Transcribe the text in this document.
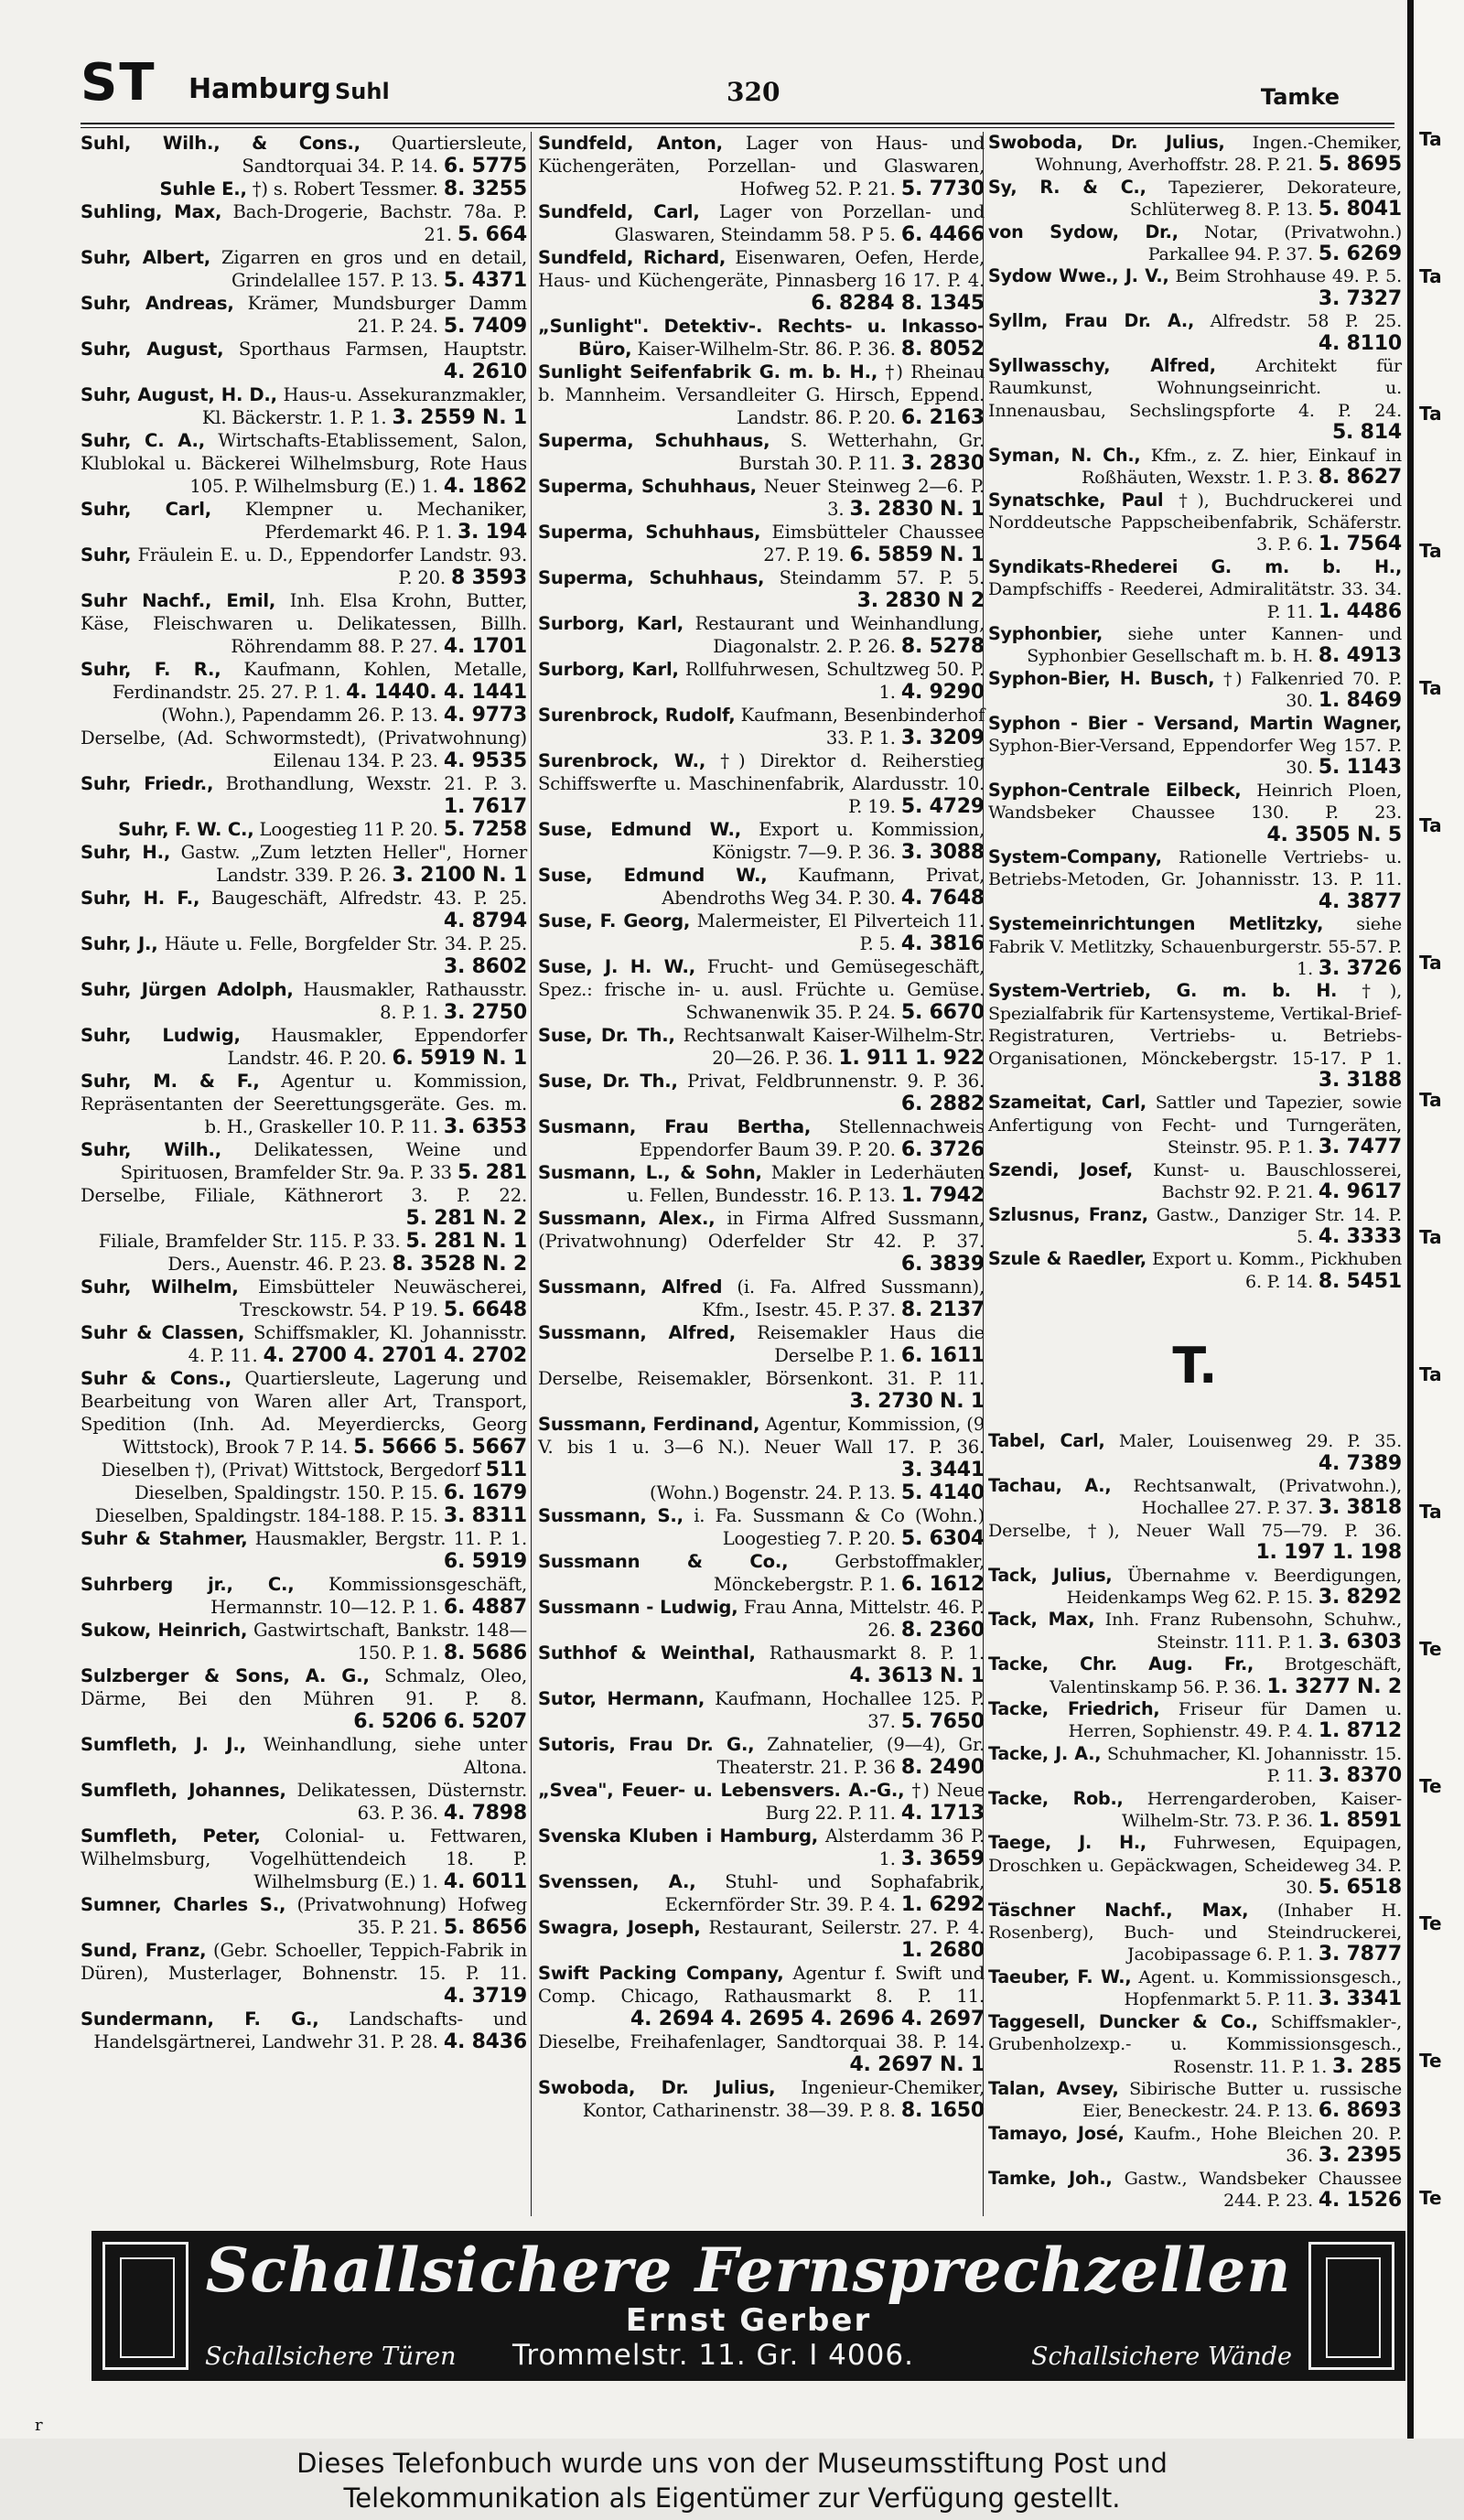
ST Hamburg Suhl	320	Tamke
Suhl, Wilh., & Cons., Quartiersleute, Sandtorquai 34. P. 14. 6. 5775
Suhle E., †) s. Robert Tessmer. 8. 3255
Suhling, Max, Bach-Drogerie, Bachstr. 78a. P. 21. 5. 664
Suhr, Albert, Zigarren en gros und en detail, Grindelallee 157. P. 13. 5. 4371
Suhr, Andreas, Krämer, Mundsburger Damm 21. P. 24. 5. 7409
Suhr, August, Sporthaus Farmsen, Hauptstr. 4. 2610
Suhr, August, H. D., Haus-u. Assekuranzmakler, Kl. Bäckerstr. 1. P. 1. 3. 2559 N. 1
Suhr, C. A., Wirtschafts-Etablissement, Salon, Klublokal u. Bäckerei Wilhelmsburg, Rote Haus 105. P. Wilhelmsburg (E.) 1. 4. 1862
Suhr, Carl, Klempner u. Mechaniker, Pferdemarkt 46. P. 1. 3. 194
Suhr, Fräulein E. u. D., Eppendorfer Landstr. 93. P. 20. 8 3593
Suhr Nachf., Emil, Inh. Elsa Krohn, Butter, Käse, Fleischwaren u. Delikatessen, Billh. Röhrendamm 88. P. 27. 4. 1701
Suhr, F. R., Kaufmann, Kohlen, Metalle, Ferdinandstr. 25. 27. P. 1. 4. 1440. 4. 1441
(Wohn.), Papendamm 26. P. 13. 4. 9773
Derselbe, (Ad. Schwormstedt), (Privatwohnung) Eilenau 134. P. 23. 4. 9535
Suhr, Friedr., Brothandlung, Wexstr. 21. P. 3. 1. 7617
Suhr, F. W. C., Loogestieg 11 P. 20. 5. 7258
Suhr, H., Gastw. „Zum letzten Heller", Horner Landstr. 339. P. 26. 3. 2100 N. 1
Suhr, H. F., Baugeschäft, Alfredstr. 43. P. 25. 4. 8794
Suhr, J., Häute u. Felle, Borgfelder Str. 34. P. 25. 3. 8602
Suhr, Jürgen Adolph, Hausmakler, Rathausstr. 8. P. 1. 3. 2750
Suhr, Ludwig, Hausmakler, Eppendorfer Landstr. 46. P. 20. 6. 5919 N. 1
Suhr, M. & F., Agentur u. Kommission, Repräsentanten der Seerettungsgeräte. Ges. m. b. H., Graskeller 10. P. 11. 3. 6353
Suhr, Wilh., Delikatessen, Weine und Spirituosen, Bramfelder Str. 9a. P. 33 5. 281
Derselbe, Filiale, Käthnerort 3. P. 22. 5. 281 N. 2
Filiale, Bramfelder Str. 115. P. 33. 5. 281 N. 1
Ders., Auenstr. 46. P. 23. 8. 3528 N. 2
Suhr, Wilhelm, Eimsbütteler Neuwäscherei, Tresckowstr. 54. P 19. 5. 6648
Suhr & Classen, Schiffsmakler, Kl. Johannisstr. 4. P. 11. 4. 2700 4. 2701 4. 2702
Suhr & Cons., Quartiersleute, Lagerung und Bearbeitung von Waren aller Art, Transport, Spedition (Inh. Ad. Meyerdiercks, Georg Wittstock), Brook 7 P. 14. 5. 5666 5. 5667
Dieselben †), (Privat) Wittstock, Bergedorf 511
Dieselben, Spaldingstr. 150. P. 15. 6. 1679
Dieselben, Spaldingstr. 184-188. P. 15. 3. 8311
Suhr & Stahmer, Hausmakler, Bergstr. 11. P. 1. 6. 5919
Suhrberg jr., C., Kommissionsgeschäft, Hermannstr. 10—12. P. 1. 6. 4887
Sukow, Heinrich, Gastwirtschaft, Bankstr. 148—150. P. 1. 8. 5686
Sulzberger & Sons, A. G., Schmalz, Oleo, Därme, Bei den Mühren 91. P. 8. 6. 5206 6. 5207
Sumfleth, J. J., Weinhandlung, siehe unter Altona.
Sumfleth, Johannes, Delikatessen, Düsternstr. 63. P. 36. 4. 7898
Sumfleth, Peter, Colonial- u. Fettwaren, Wilhelmsburg, Vogelhüttendeich 18. P. Wilhelmsburg (E.) 1. 4. 6011
Sumner, Charles S., (Privatwohnung) Hofweg 35. P. 21. 5. 8656
Sund, Franz, (Gebr. Schoeller, Teppich-Fabrik in Düren), Musterlager, Bohnenstr. 15. P. 11. 4. 3719
Sundermann, F. G., Landschafts- und Handelsgärtnerei, Landwehr 31. P. 28. 4. 8436
Sundfeld, Anton, Lager von Haus- und Küchengeräten, Porzellan- und Glaswaren, Hofweg 52. P. 21. 5. 7730
Sundfeld, Carl, Lager von Porzellan- und Glaswaren, Steindamm 58. P 5. 6. 4466
Sundfeld, Richard, Eisenwaren, Oefen, Herde, Haus- und Küchengeräte, Pinnasberg 16 17. P. 4. 6. 8284 8. 1345
„Sunlight". Detektiv-. Rechts- u. Inkasso-Büro, Kaiser-Wilhelm-Str. 86. P. 36. 8. 8052
Sunlight Seifenfabrik G. m. b. H., †) Rheinau b. Mannheim. Versandleiter G. Hirsch, Eppend. Landstr. 86. P. 20. 6. 2163
Superma, Schuhhaus, S. Wetterhahn, Gr. Burstah 30. P. 11. 3. 2830
Superma, Schuhhaus, Neuer Steinweg 2—6. P. 3. 3. 2830 N. 1
Superma, Schuhhaus, Eimsbütteler Chaussee 27. P. 19. 6. 5859 N. 1
Superma, Schuhhaus, Steindamm 57. P. 5. 3. 2830 N 2
Surborg, Karl, Restaurant und Weinhandlung, Diagonalstr. 2. P. 26. 8. 5278
Surborg, Karl, Rollfuhrwesen, Schultzweg 50. P. 1. 4. 9290
Surenbrock, Rudolf, Kaufmann, Besenbinderhof 33. P. 1. 3. 3209
Surenbrock, W., †) Direktor d. Reiherstieg Schiffswerfte u. Maschinenfabrik, Alardusstr. 10. P. 19. 5. 4729
Suse, Edmund W., Export u. Kommission, Königstr. 7—9. P. 36. 3. 3088
Suse, Edmund W., Kaufmann, Privat, Abendroths Weg 34. P. 30. 4. 7648
Suse, F. Georg, Malermeister, El Pilverteich 11. P. 5. 4. 3816
Suse, J. H. W., Frucht- und Gemüsegeschäft, Spez.: frische in- u. ausl. Früchte u. Gemüse. Schwanenwik 35. P. 24. 5. 6670
Suse, Dr. Th., Rechtsanwalt Kaiser-Wilhelm-Str. 20—26. P. 36. 1. 911 1. 922
Suse, Dr. Th., Privat, Feldbrunnenstr. 9. P. 36. 6. 2882
Susmann, Frau Bertha, Stellennachweis Eppendorfer Baum 39. P. 20. 6. 3726
Susmann, L., & Sohn, Makler in Lederhäuten u. Fellen, Bundesstr. 16. P. 13. 1. 7942
Sussmann, Alex., in Firma Alfred Sussmann, (Privatwohnung) Oderfelder Str 42. P. 37. 6. 3839
Sussmann, Alfred (i. Fa. Alfred Sussmann), Kfm., Isestr. 45. P. 37. 8. 2137
Sussmann, Alfred, Reisemakler Haus die Derselbe P. 1. 6. 1611
Derselbe, Reisemakler, Börsenkont. 31. P. 11. 3. 2730 N. 1
Sussmann, Ferdinand, Agentur, Kommission, (9 V. bis 1 u. 3—6 N.). Neuer Wall 17. P. 36. 3. 3441
(Wohn.) Bogenstr. 24. P. 13. 5. 4140
Sussmann, S., i. Fa. Sussmann & Co (Wohn.) Loogestieg 7. P. 20. 5. 6304
Sussmann & Co.,	Gerbstoffmakler, Mönckebergstr. P. 1. 6. 1612
Sussmann - Ludwig, Frau Anna, Mittelstr. 46. P. 26. 8. 2360
Suthhof & Weinthal, Rathausmarkt 8. P. 1. 4. 3613 N. 1
Sutor, Hermann, Kaufmann, Hochallee 125. P. 37. 5. 7650
Sutoris, Frau Dr. G., Zahnatelier, (9—4), Gr. Theaterstr. 21. P. 36 8. 2490
„Svea", Feuer- u. Lebensvers. A.-G., †) Neue Burg 22. P. 11. 4. 1713
Svenska Kluben i Hamburg, Alsterdamm 36 P. 1. 3. 3659
Svenssen, A., Stuhl- und Sophafabrik, Eckernförder Str. 39. P. 4. 1. 6292
Swagra, Joseph, Restaurant, Seilerstr. 27. P. 4. 1. 2680
Swift Packing Company, Agentur f. Swift und Comp. Chicago, Rathausmarkt 8. P. 11. 4. 2694 4. 2695 4. 2696 4. 2697
Dieselbe, Freihafenlager, Sandtorquai 38. P. 14. 4. 2697 N. 1
Swoboda, Dr. Julius, Ingenieur-Chemiker, Kontor, Catharinenstr. 38—39. P. 8. 8. 1650
Swoboda, Dr. Julius, Ingen.-Chemiker, Wohnung, Averhoffstr. 28. P. 21. 5. 8695
Sy, R. & C., Tapezierer, Dekorateure, Schlüterweg 8. P. 13. 5. 8041
von Sydow, Dr., Notar, (Privatwohn.) Parkallee 94. P. 37. 5. 6269
Sydow Wwe., J. V., Beim Strohhause 49. P. 5. 3. 7327
Syllm, Frau Dr. A., Alfredstr. 58 P. 25. 4. 8110
Syllwasschy, Alfred, Architekt für Raumkunst, Wohnungseinricht. u. Innenausbau, Sechslingspforte 4. P. 24. 5. 814
Syman, N. Ch., Kfm., z. Z. hier, Einkauf in Roßhäuten, Wexstr. 1. P. 3. 8. 8627
Synatschke, Paul †), Buchdruckerei und Norddeutsche Pappscheibenfabrik, Schäferstr. 3. P. 6. 1. 7564
Syndikats-Rhederei G. m. b. H., Dampfschiffs - Reederei, Admiralitätstr. 33. 34. P. 11. 1. 4486
Syphonbier, siehe unter Kannen- und Syphonbier Gesellschaft m. b. H. 8. 4913
Syphon-Bier, H. Busch, †) Falkenried 70. P. 30. 1. 8469
Syphon - Bier - Versand, Martin Wagner, Syphon-Bier-Versand, Eppendorfer Weg 157. P. 30. 5. 1143
Syphon-Centrale Eilbeck, Heinrich Ploen, Wandsbeker Chaussee 130. P. 23. 4. 3505 N. 5
System-Company, Rationelle Vertriebs- u. Betriebs-Metoden, Gr. Johannisstr. 13. P. 11. 4. 3877
Systemeinrichtungen Metlitzky, siehe Fabrik V. Metlitzky, Schauenburgerstr. 55-57. P. 1. 3. 3726
System-Vertrieb, G. m. b. H. †), Spezialfabrik für Kartensysteme, Vertikal-Brief-Registraturen, Vertriebs- u. Betriebs-Organisationen, Mönckebergstr. 15-17. P 1. 3. 3188
Szameitat, Carl, Sattler und Tapezier, sowie Anfertigung von Fecht- und Turngeräten, Steinstr. 95. P. 1. 3. 7477
Szendi, Josef, Kunst- u. Bauschlosserei, Bachstr 92. P. 21. 4. 9617
Szlusnus, Franz, Gastw., Danziger Str. 14. P. 5. 4. 3333
Szule & Raedler, Export u. Komm., Pickhuben 6. P. 14. 8. 5451
T.
Tabel, Carl, Maler, Louisenweg 29. P. 35. 4. 7389
Tachau, A., Rechtsanwalt, (Privatwohn.), Hochallee 27. P. 37. 3. 3818
Derselbe, †), Neuer Wall 75—79. P. 36. 1. 197 1. 198
Tack, Julius, Übernahme v. Beerdigungen, Heidenkamps Weg 62. P. 15. 3. 8292
Tack, Max, Inh. Franz Rubensohn, Schuhw., Steinstr. 111. P. 1. 3. 6303
Tacke, Chr. Aug. Fr., Brotgeschäft, Valentinskamp 56. P. 36. 1. 3277 N. 2
Tacke, Friedrich, Friseur für Damen u. Herren, Sophienstr. 49. P. 4. 1. 8712
Tacke, J. A., Schuhmacher, Kl. Johannisstr. 15. P. 11. 3. 8370
Tacke, Rob., Herrengarderoben, Kaiser-Wilhelm-Str. 73. P. 36. 1. 8591
Taege, J. H., Fuhrwesen, Equipagen, Droschken u. Gepäckwagen, Scheideweg 34. P. 30. 5. 6518
Täschner Nachf., Max, (Inhaber H. Rosenberg), Buch- und Steindruckerei, Jacobipassage 6. P. 1. 3. 7877
Taeuber, F. W., Agent. u. Kommissionsgesch., Hopfenmarkt 5. P. 11. 3. 3341
Taggesell, Duncker & Co., Schiffsmakler-, Grubenholzexp.- u. Kommissionsgesch., Rosenstr. 11. P. 1. 3. 285
Talan, Avsey, Sibirische Butter u. russische Eier, Beneckestr. 24. P. 13. 6. 8693
Tamayo, José, Kaufm., Hohe Bleichen 20. P. 36. 3. 2395
Tamke, Joh., Gastw., Wandsbeker Chaussee 244. P. 23. 4. 1526
Ta
Ta
Ta
Ta
Ta
Ta
Ta
Ta
Ta
Ta
Ta
Te
Te
Te
Te
Te
Schallsichere Fernsprechzellen
Ernst Gerber
Schallsichere Türen Trommelstr. 11. Gr. I 4006.	Schallsichere Wände
r
Dieses Telefonbuch wurde uns von der Museumsstiftung Post und
Telekommunikation als Eigentümer zur Verfügung gestellt.
